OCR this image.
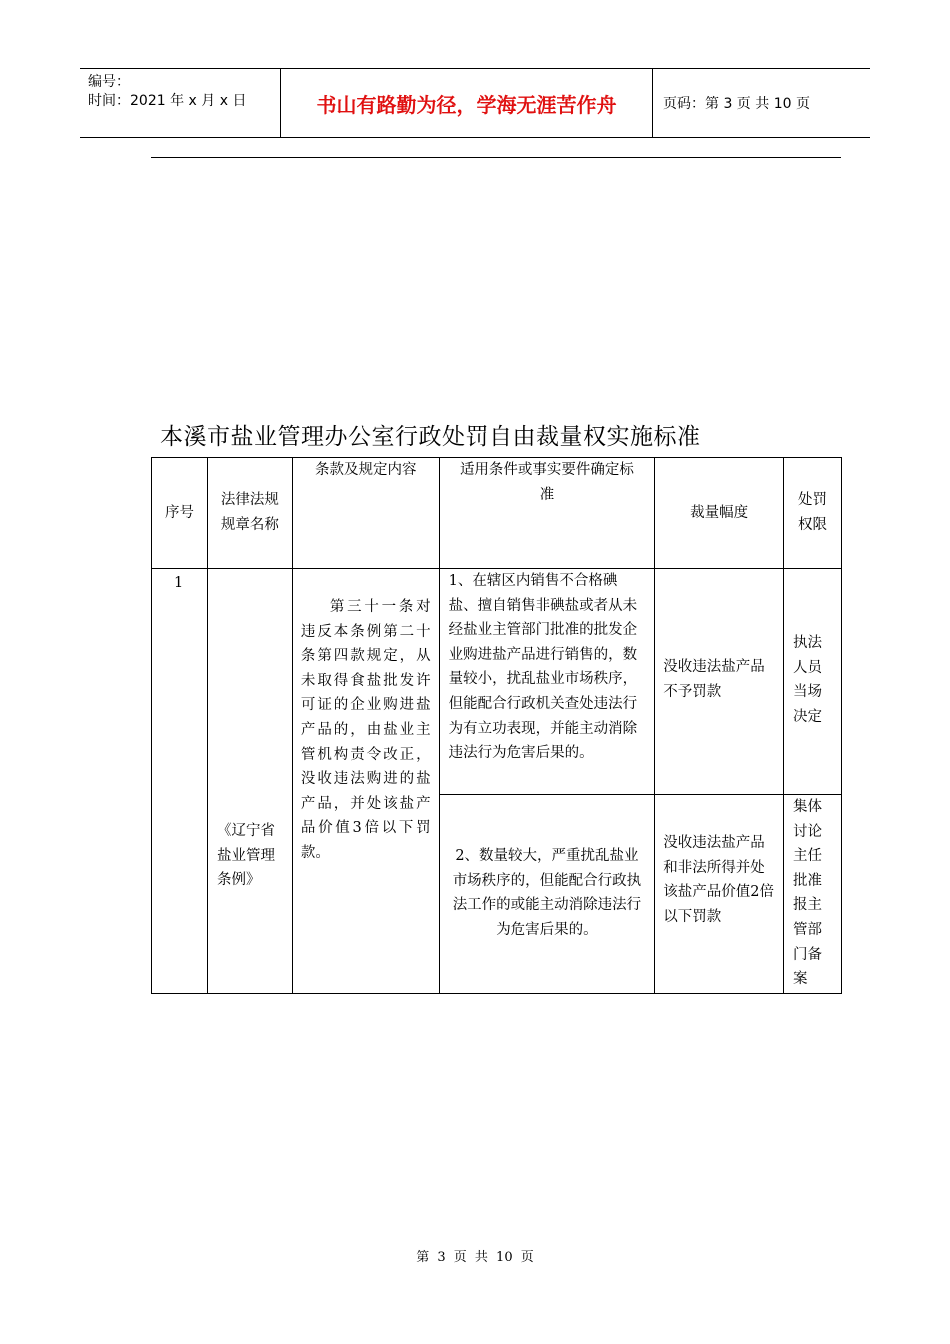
编号：
时间：2021 年 x 月 x 日	书山有路勤为径，学海无涯苦作舟	页码：第 3 页 共 10 页
本溪市盐业管理办公室行政处罚自由裁量权实施标准
序号	法律法规规章名称	条款及规定内容	适用条件或事实要件确定标准	裁量幅度	处罚权限
1	《辽宁省盐业管理条例》	第三十一条对违反本条例第二十条第四款规定，从未取得食盐批发许可证的企业购进盐产品的，由盐业主管机构责令改正，没收违法购进的盐产品，并处该盐产品价值3倍以下罚款。	1、在辖区内销售不合格碘盐、擅自销售非碘盐或者从未经盐业主管部门批准的批发企业购进盐产品进行销售的，数量较小，扰乱盐业市场秩序，但能配合行政机关查处违法行为有立功表现，并能主动消除违法行为危害后果的。	没收违法盐产品不予罚款	执法人员当场决定
			2、数量较大，严重扰乱盐业市场秩序的，但能配合行政执法工作的或能主动消除违法行为危害后果的。	没收违法盐产品和非法所得并处该盐产品价值2倍以下罚款	集体讨论主任批准报主管部门备案
第 3 页 共 10 页
